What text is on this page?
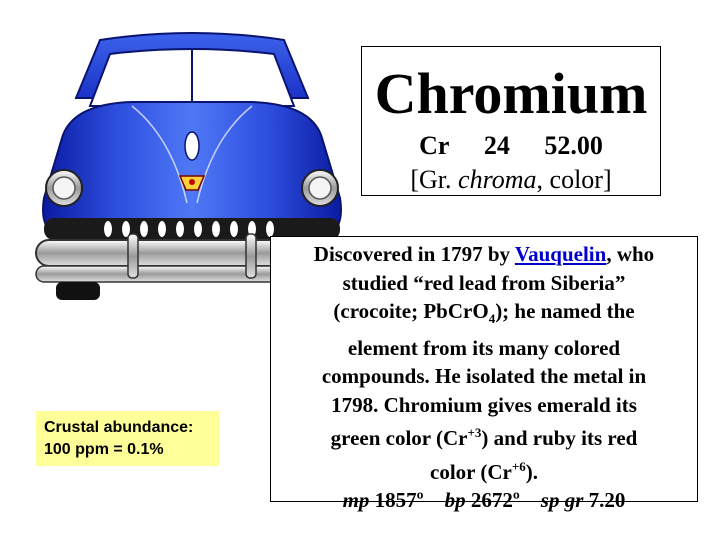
Chromium
Cr 24 52.00
[Gr. chroma, color]
Discovered in 1797 by Vauquelin, who
studied “red lead from Siberia”
(crocoite; PbCrO$_4$); he named the
element from its many colored
compounds. He isolated the metal in
1798. Chromium gives emerald its
green color $(Cr^{+3})$ and ruby its red
color $(Cr^{+6})$.
mp 1857º bp 2672º sp gr 7.20
Crustal abundance:
100 ppm = 0.1%
